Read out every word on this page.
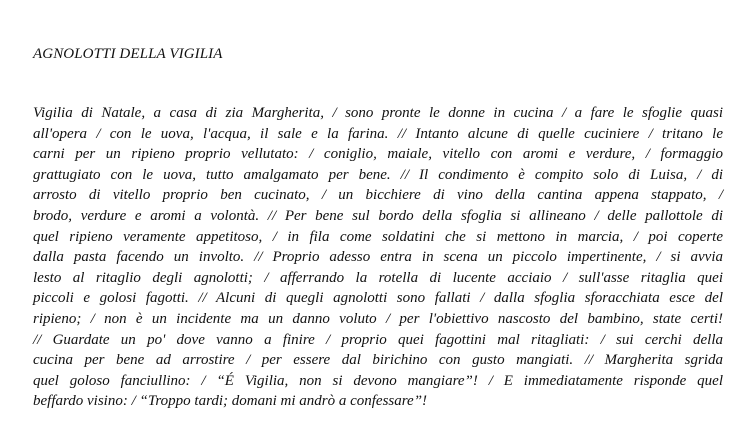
AGNOLOTTI DELLA VIGILIA
Vigilia di Natale, a casa di zia Margherita, / sono pronte le donne in cucina / a fare le sfoglie quasi
all'opera / con le uova, l'acqua, il sale e la farina. // Intanto alcune di quelle cuciniere / tritano le
carni per un ripieno proprio vellutato: / coniglio, maiale, vitello con aromi e verdure, / formaggio
grattugiato con le uova, tutto amalgamato per bene. // Il condimento è compito solo di Luisa, / di
arrosto di vitello proprio ben cucinato, / un bicchiere di vino della cantina appena stappato, /
brodo, verdure e aromi a volontà. // Per bene sul bordo della sfoglia si allineano / delle pallottole di
quel ripieno veramente appetitoso, / in fila come soldatini che si mettono in marcia, / poi coperte
dalla pasta facendo un involto. // Proprio adesso entra in scena un piccolo impertinente, / si avvia
lesto al ritaglio degli agnolotti; / afferrando la rotella di lucente acciaio / sull'asse ritaglia quei
piccoli e golosi fagotti. // Alcuni di quegli agnolotti sono fallati / dalla sfoglia sforacchiata esce del
ripieno; / non è un incidente ma un danno voluto / per l'obiettivo nascosto del bambino, state certi!
// Guardate un po' dove vanno a finire / proprio quei fagottini mal ritagliati: / sui cerchi della
cucina per bene ad arrostire / per essere dal birichino con gusto mangiati. // Margherita sgrida
quel goloso fanciullino: / “É Vigilia, non si devono mangiare”! / E immediatamente risponde quel
beffardo visino: / “Troppo tardi; domani mi andrò a confessare”!
